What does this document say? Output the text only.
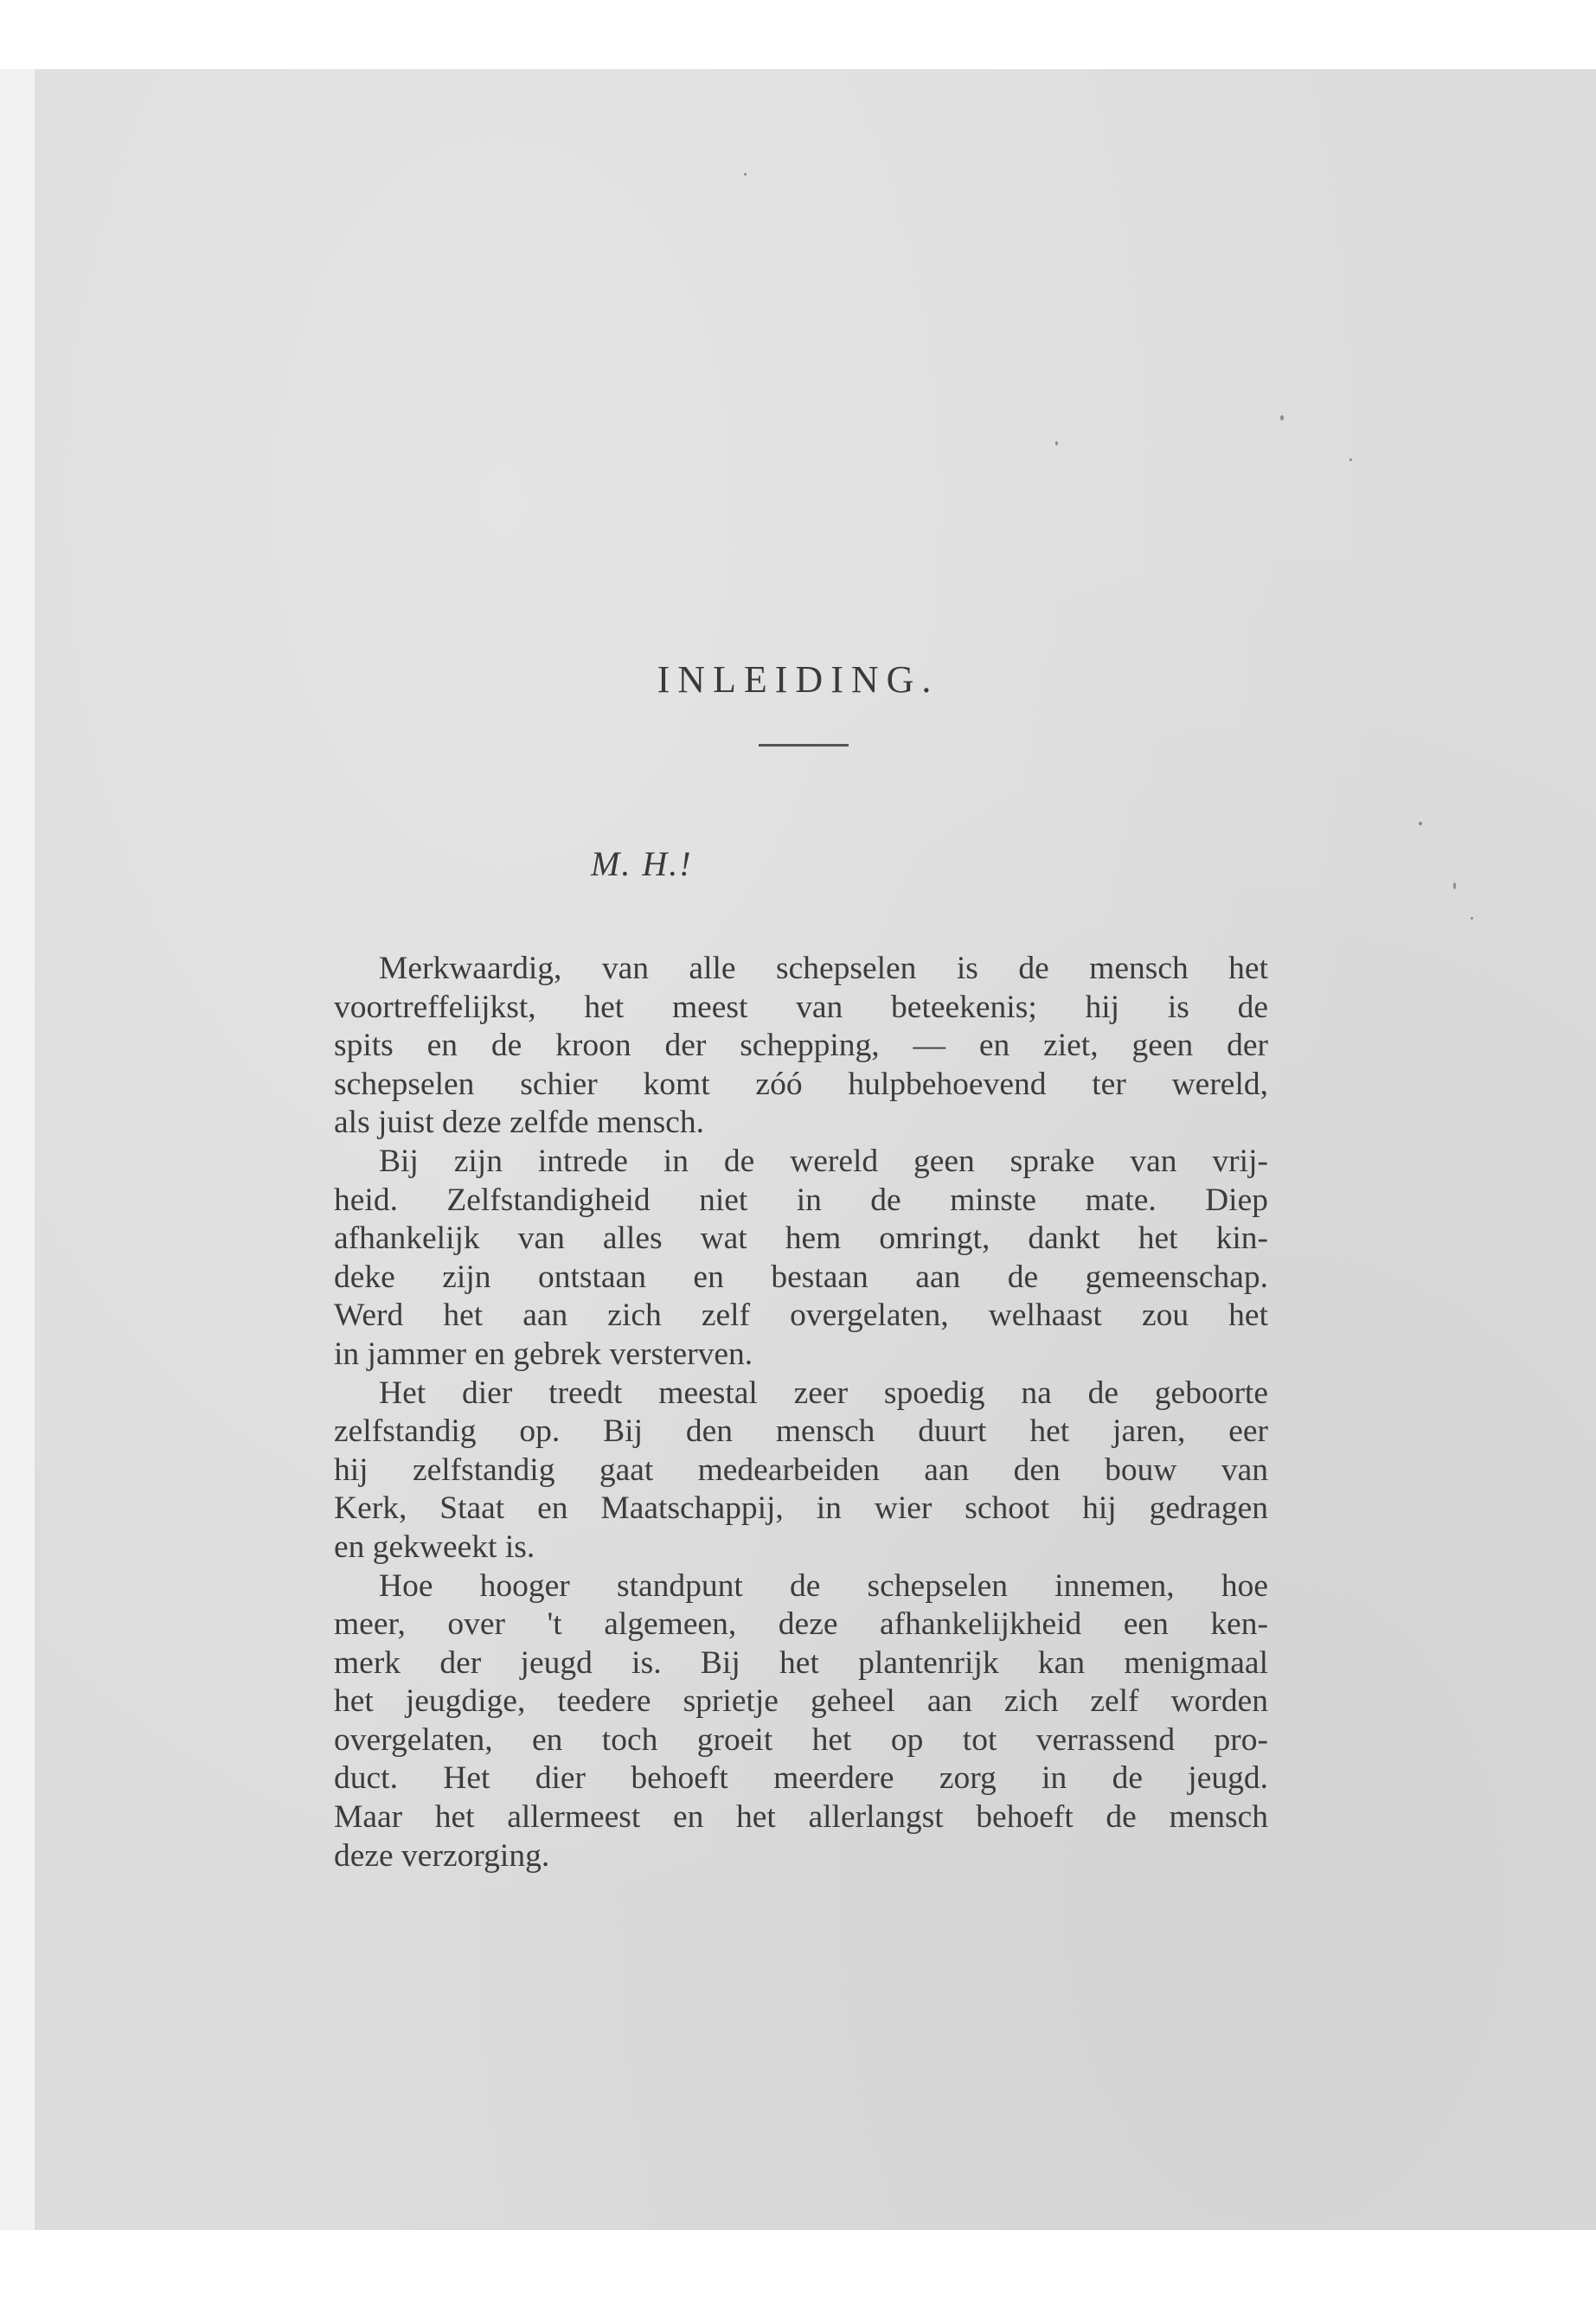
INLEIDING.
M. H.!
Merkwaardig, van alle schepselen is de mensch het
voortreffelijkst, het meest van beteekenis; hij is de
spits en de kroon der schepping, — en ziet, geen der
schepselen schier komt zóó hulpbehoevend ter wereld,
als juist deze zelfde mensch.
Bij zijn intrede in de wereld geen sprake van vrij-
heid. Zelfstandigheid niet in de minste mate. Diep
afhankelijk van alles wat hem omringt, dankt het kin-
deke zijn ontstaan en bestaan aan de gemeenschap.
Werd het aan zich zelf overgelaten, welhaast zou het
in jammer en gebrek versterven.
Het dier treedt meestal zeer spoedig na de geboorte
zelfstandig op. Bij den mensch duurt het jaren, eer
hij zelfstandig gaat medearbeiden aan den bouw van
Kerk, Staat en Maatschappij, in wier schoot hij gedragen
en gekweekt is.
Hoe hooger standpunt de schepselen innemen, hoe
meer, over 't algemeen, deze afhankelijkheid een ken-
merk der jeugd is. Bij het plantenrijk kan menigmaal
het jeugdige, teedere sprietje geheel aan zich zelf worden
overgelaten, en toch groeit het op tot verrassend pro-
duct. Het dier behoeft meerdere zorg in de jeugd.
Maar het allermeest en het allerlangst behoeft de mensch
deze verzorging.
